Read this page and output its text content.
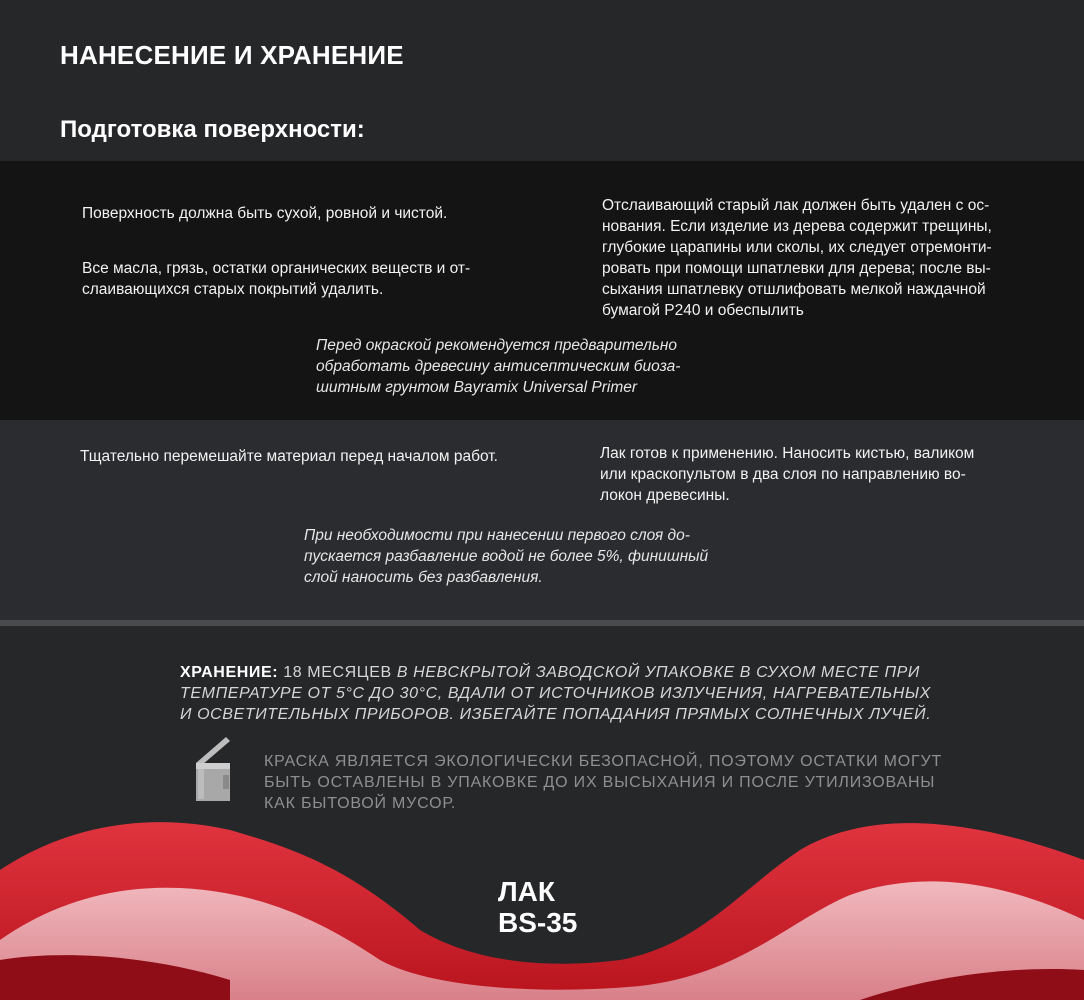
НАНЕСЕНИЕ И ХРАНЕНИЕ
Подготовка поверхности:
Поверхность должна быть сухой, ровной и чистой.
Все масла, грязь, остатки органических веществ и от-
слаивающихся старых покрытий удалить.
Отслаивающий старый лак должен быть удален с ос-
нования. Если изделие из дерева содержит трещины,
глубокие царапины или сколы, их следует отремонти-
ровать при помощи шпатлевки для дерева; после вы-
сыхания шпатлевку отшлифовать мелкой наждачной
бумагой P240 и обеспылить
Перед окраской рекомендуется предварительно
обработать древесину антисептическим биоза-
шитным грунтом Bayramix Universal Primer
Тщательно перемешайте материал перед началом работ.	Лак готов к применению. Наносить кистью, валиком
или краскопультом в два слоя по направлению во-
локон древесины.
При необходимости при нанесении первого слоя до-
пускается разбавление водой не более 5%, финишный
слой наносить без разбавления.
ХРАНЕНИЕ: 18 МЕСЯЦЕВ В НЕВСКРЫТОЙ ЗАВОДСКОЙ УПАКОВКЕ В СУХОМ МЕСТЕ ПРИ
ТЕМПЕРАТУРЕ ОТ 5°С ДО 30°С, ВДАЛИ ОТ ИСТОЧНИКОВ ИЗЛУЧЕНИЯ, НАГРЕВАТЕЛЬНЫХ
И ОСВЕТИТЕЛЬНЫХ ПРИБОРОВ. ИЗБЕГАЙТЕ ПОПАДАНИЯ ПРЯМЫХ СОЛНЕЧНЫХ ЛУЧЕЙ.
КРАСКА ЯВЛЯЕТСЯ ЭКОЛОГИЧЕСКИ БЕЗОПАСНОЙ, ПОЭТОМУ ОСТАТКИ МОГУТ
БЫТЬ ОСТАВЛЕНЫ В УПАКОВКЕ ДО ИХ ВЫСЫХАНИЯ И ПОСЛЕ УТИЛИЗОВАНЫ
КАК БЫТОВОЙ МУСОР.
ЛАК
BS-35
